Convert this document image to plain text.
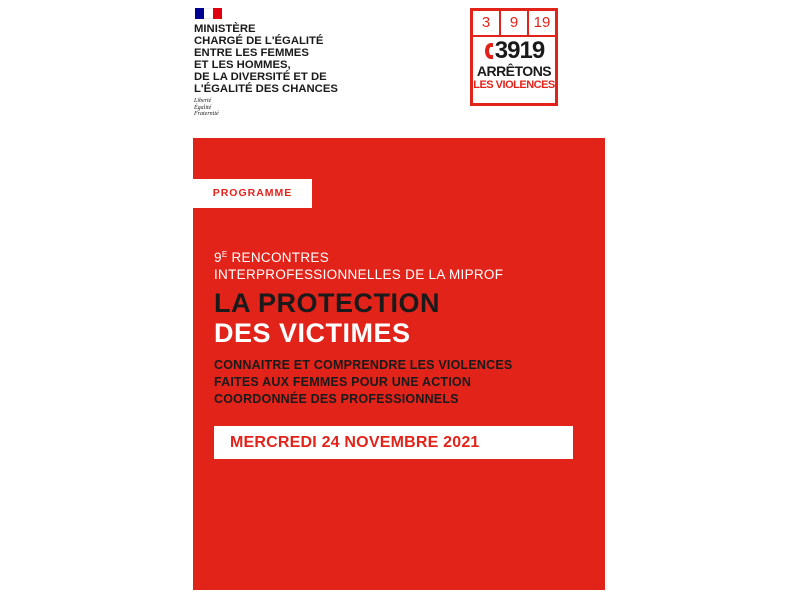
MINISTÈRE
CHARGÉ DE L'ÉGALITÉ
ENTRE LES FEMMES
ET LES HOMMES,
DE LA DIVERSITÉ ET DE
L'ÉGALITÉ DES CHANCES
Liberté
Égalité
Fraternité
3	9	19
3919
ARRÊTONS
LES VIOLENCES
PROGRAMME
$9^E$ RENCONTRES
INTERPROFESSIONNELLES DE LA MIPROF
LA PROTECTION
DES VICTIMES
CONNAITRE ET COMPRENDRE LES VIOLENCES
FAITES AUX FEMMES POUR UNE ACTION
COORDONNÉE DES PROFESSIONNELS
MERCREDI 24 NOVEMBRE 2021
